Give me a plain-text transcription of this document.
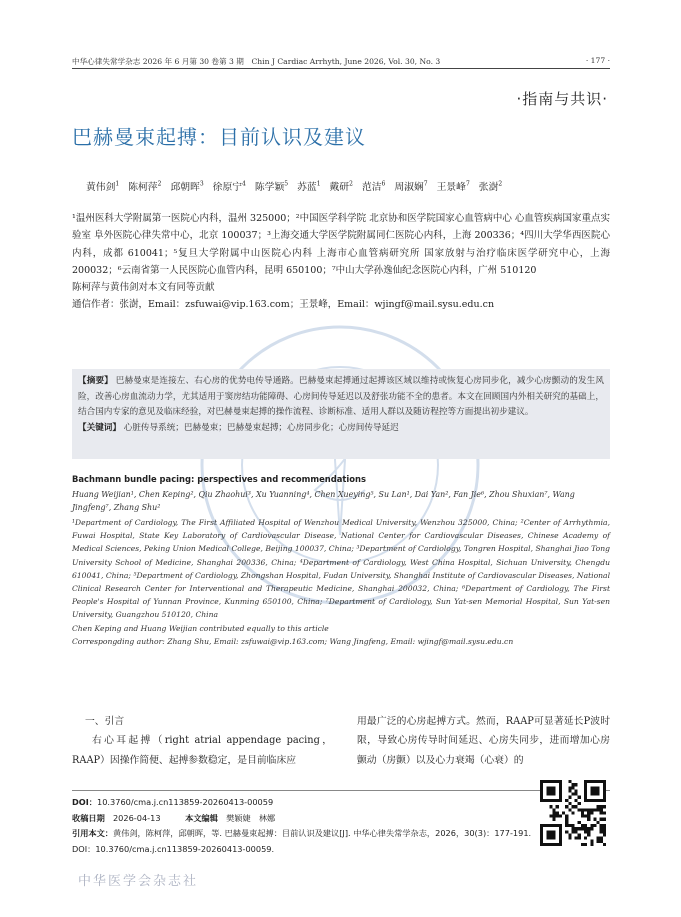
中华心律失常学杂志 2026 年 6 月第 30 卷第 3 期　Chin J Cardiac Arrhyth, June 2026, Vol. 30, No. 3	· 177 ·
·指南与共识·
巴赫曼束起搏：目前认识及建议
黄伟剑$^1$ 陈柯萍$^2$ 邱朝晖$^3$ 徐原宁$^4$ 陈学颖$^5$ 苏蓝$^1$ 戴研$^2$ 范洁$^6$ 周淑娴$^7$ 王景峰$^7$ 张澍$^2$

¹温州医科大学附属第一医院心内科，温州 325000；²中国医学科学院 北京协和医学院国家心血管病中心 心血管疾病国家重点实验室 阜外医院心律失常中心，北京 100037；³上海交通大学医学院附属同仁医院心内科，上海 200336；⁴四川大学华西医院心内科，成都 610041；⁵复旦大学附属中山医院心内科 上海市心血管病研究所 国家放射与治疗临床医学研究中心，上海 200032；⁶云南省第一人民医院心血管内科，昆明 650100；⁷中山大学孙逸仙纪念医院心内科，广州 510120

陈柯萍与黄伟剑对本文有同等贡献

通信作者：张澍，Email：zsfuwai@vip.163.com；王景峰，Email：wjingf@mail.sysu.edu.cn

【摘要】 巴赫曼束是连接左、右心房的优势电传导通路。巴赫曼束起搏通过起搏该区域以维持或恢复心房同步化，减少心房颤动的发生风险，改善心房血流动力学，尤其适用于窦房结功能障碍、心房间传导延迟以及舒张功能不全的患者。本文在回顾国内外相关研究的基础上，结合国内专家的意见及临床经验，对巴赫曼束起搏的操作流程、诊断标准、适用人群以及随访程控等方面提出初步建议。

【关键词】 心脏传导系统；巴赫曼束；巴赫曼束起搏；心房同步化；心房间传导延迟

Bachmann bundle pacing: perspectives and recommendations
Huang Weijian¹, Chen Keping², Qiu Zhaohui³, Xu Yuanning⁴, Chen Xueying⁵, Su Lan¹, Dai Yan², Fan Jie⁶, Zhou Shuxian⁷, Wang Jingfeng⁷, Zhang Shu²

¹Department of Cardiology, The First Affiliated Hospital of Wenzhou Medical University, Wenzhou 325000, China; ²Center of Arrhythmia, Fuwai Hospital, State Key Laboratory of Cardiovascular Disease, National Center for Cardiovascular Diseases, Chinese Academy of Medical Sciences, Peking Union Medical College, Beijing 100037, China; ³Department of Cardiology, Tongren Hospital, Shanghai Jiao Tong University School of Medicine, Shanghai 200336, China; ⁴Department of Cardiology, West China Hospital, Sichuan University, Chengdu 610041, China; ⁵Department of Cardiology, Zhongshan Hospital, Fudan University, Shanghai Institute of Cardiovascular Diseases, National Clinical Research Center for Interventional and Therapeutic Medicine, Shanghai 200032, China; ⁶Department of Cardiology, The First People's Hospital of Yunnan Province, Kunming 650100, China; ⁷Department of Cardiology, Sun Yat-sen Memorial Hospital, Sun Yat-sen University, Guangzhou 510120, China

Chen Keping and Huang Weijian contributed equally to this article

Correspongding author: Zhang Shu, Email: zsfuwai@vip.163.com; Wang Jingfeng, Email: wjingf@mail.sysu.edu.cn

一、引言

右心耳起搏（right atrial appendage pacing，RAAP）因操作简便、起搏参数稳定，是目前临床应

用最广泛的心房起搏方式。然而，RAAP可显著延长P波时限，导致心房传导时间延迟、心房失同步，进而增加心房颤动（房颤）以及心力衰竭（心衰）的

DOI：10.3760/cma.j.cn113859-20260413-00059

收稿日期　 2026-04-13　　　	本文编辑　 樊颖婕　林娜

引用本文：黄伟剑，陈柯萍，邱朝晖，等. 巴赫曼束起搏：目前认识及建议[J]. 中华心律失常学杂志，2026，30(3)：177-191. DOI：10.3760/cma.j.cn113859-20260413-00059.

中华医学会杂志社
